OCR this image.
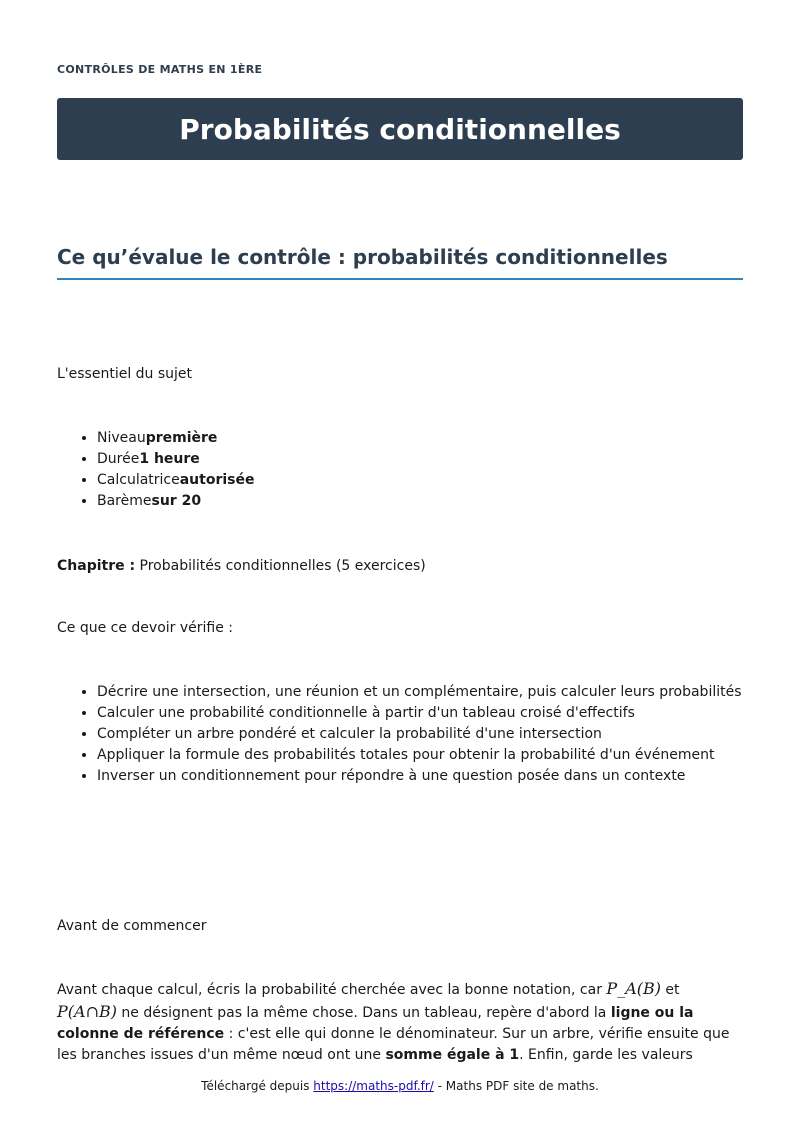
CONTRÔLES DE MATHS EN 1ÈRE
Probabilités conditionnelles
Ce qu’évalue le contrôle : probabilités conditionnelles
L'essentiel du sujet
• Niveaupremière
• Durée1 heure
• Calculatriceautorisée
• Barèmesur 20
Chapitre : Probabilités conditionnelles (5 exercices)
Ce que ce devoir vérifie :
• Décrire une intersection, une réunion et un complémentaire, puis calculer leurs probabilités
• Calculer une probabilité conditionnelle à partir d'un tableau croisé d'effectifs
• Compléter un arbre pondéré et calculer la probabilité d'une intersection
• Appliquer la formule des probabilités totales pour obtenir la probabilité d'un événement
• Inverser un conditionnement pour répondre à une question posée dans un contexte
Avant de commencer
Avant chaque calcul, écris la probabilité cherchée avec la bonne notation, car P_A(B) et P(A∩B) ne désignent pas la même chose. Dans un tableau, repère d'abord la ligne ou la colonne de référence : c'est elle qui donne le dénominateur. Sur un arbre, vérifie ensuite que les branches issues d'un même nœud ont une somme égale à 1. Enfin, garde les valeurs
Téléchargé depuis https://maths-pdf.fr/ - Maths PDF site de maths.
